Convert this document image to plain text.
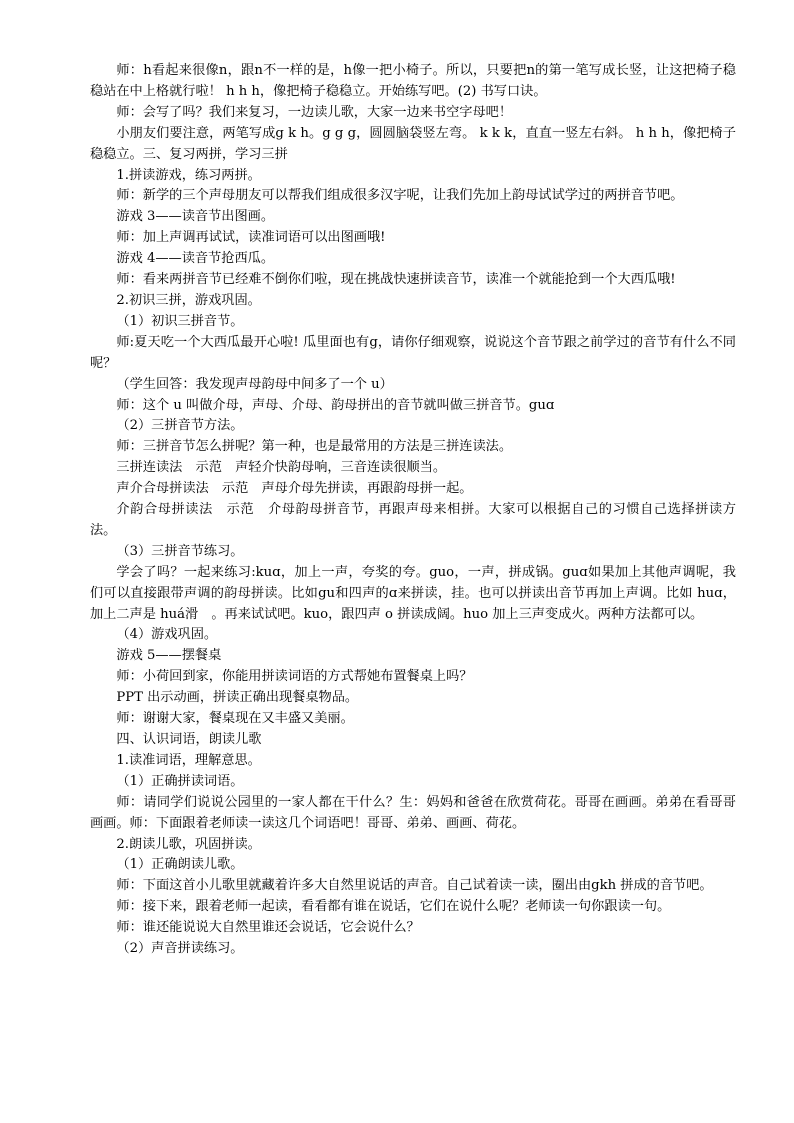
师：h看起来很像n，跟n不一样的是，h像一把小椅子。所以，只要把n的第一笔写成长竖，让这把椅子稳稳站在中上格就行啦！ h h h，像把椅子稳稳立。开始练写吧。(2) 书写口诀。

师：会写了吗？我们来复习，一边读儿歌，大家一边来书空字母吧！

小朋友们要注意，两笔写成g k h。g g g，圆圆脑袋竖左弯。 k k k，直直一竖左右斜。 h h h，像把椅子稳稳立。三、复习两拼，学习三拼

1.拼读游戏，练习两拼。

师：新学的三个声母朋友可以帮我们组成很多汉字呢，让我们先加上韵母试试学过的两拼音节吧。

游戏 3——读音节出图画。

师：加上声调再试试，读准词语可以出图画哦!

游戏 4——读音节抢西瓜。

师：看来两拼音节已经难不倒你们啦，现在挑战快速拼读音节，读准一个就能抢到一个大西瓜哦!

2.初识三拼，游戏巩固。

（1）初识三拼音节。

师:夏天吃一个大西瓜最开心啦! 瓜里面也有g，请你仔细观察，说说这个音节跟之前学过的音节有什么不同呢？

（学生回答：我发现声母韵母中间多了一个 u）

师：这个 u 叫做介母，声母、介母、韵母拼出的音节就叫做三拼音节。guɑ

（2）三拼音节方法。

师：三拼音节怎么拼呢？第一种，也是最常用的方法是三拼连读法。

三拼连读法　示范　声轻介快韵母响，三音连读很顺当。

声介合母拼读法　示范　声母介母先拼读，再跟韵母拼一起。

介韵合母拼读法　示范　介母韵母拼音节，再跟声母来相拼。大家可以根据自己的习惯自己选择拼读方法。

（3）三拼音节练习。

学会了吗？一起来练习:kuɑ，加上一声，夸奖的夸。guo，一声，拼成锅。guɑ如果加上其他声调呢，我们可以直接跟带声调的韵母拼读。比如gu和四声的ɑ来拼读，挂。也可以拼读出音节再加上声调。比如 huɑ，加上二声是 huá滑　。再来试试吧。kuo，跟四声 o 拼读成阔。huo 加上三声变成火。两种方法都可以。

（4）游戏巩固。

游戏 5——摆餐桌

师：小荷回到家，你能用拼读词语的方式帮她布置餐桌上吗？

PPT 出示动画，拼读正确出现餐桌物品。

师：谢谢大家，餐桌现在又丰盛又美丽。

四、认识词语，朗读儿歌

1.读准词语，理解意思。

（1）正确拼读词语。

师：请同学们说说公园里的一家人都在干什么？生：妈妈和爸爸在欣赏荷花。哥哥在画画。弟弟在看哥哥画画。师：下面跟着老师读一读这几个词语吧！哥哥、弟弟、画画、荷花。

2.朗读儿歌，巩固拼读。

（1）正确朗读儿歌。

师：下面这首小儿歌里就藏着许多大自然里说话的声音。自己试着读一读，圈出由gkh 拼成的音节吧。

师：接下来，跟着老师一起读，看看都有谁在说话，它们在说什么呢？老师读一句你跟读一句。

师：谁还能说说大自然里谁还会说话，它会说什么？

（2）声音拼读练习。
